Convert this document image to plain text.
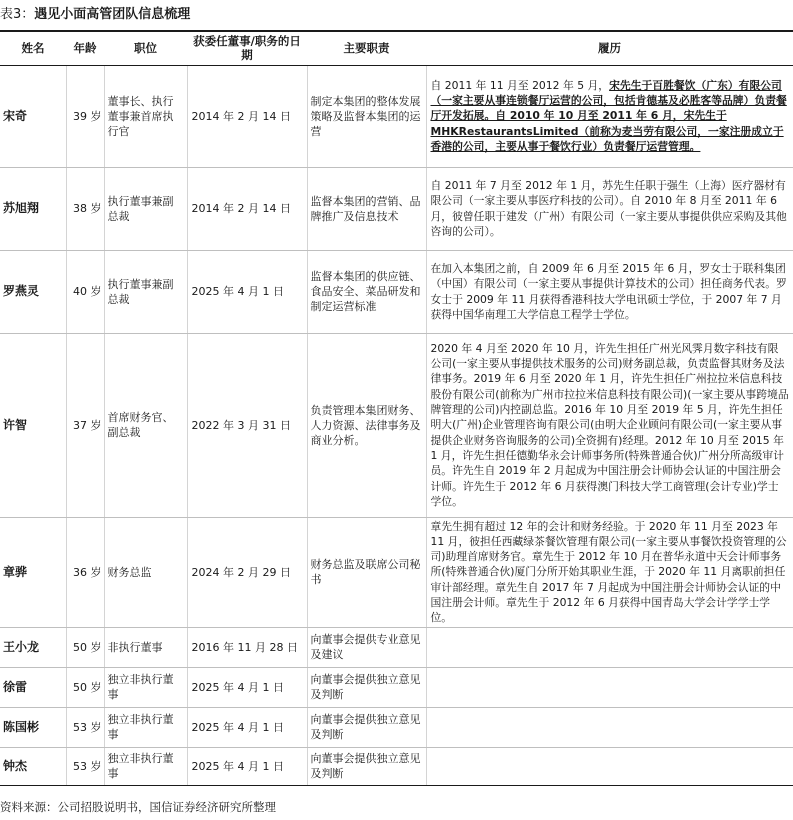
表3：遇见小面高管团队信息梳理
姓名	年龄	职位	获委任董事/职务的日期	主要职责	履历
宋奇	39 岁	董事长、执行董事兼首席执行官	2014 年 2 月 14 日	制定本集团的整体发展策略及监督本集团的运营	自 2011 年 11 月至 2012 年 5 月，宋先生于百胜餐饮（广东）有限公司（一家主要从事连锁餐厅运营的公司，包括肯德基及必胜客等品牌）负责餐厅开发拓展。自 2010 年 10 月至 2011 年 6 月，宋先生于 MHKRestaurantsLimited（前称为麦当劳有限公司，一家注册成立于香港的公司，主要从事于餐饮行业）负责餐厅运营管理。
苏旭翔	38 岁	执行董事兼副总裁	2014 年 2 月 14 日	监督本集团的营销、品牌推广及信息技术	自 2011 年 7 月至 2012 年 1 月，苏先生任职于强生（上海）医疗器材有限公司（一家主要从事医疗科技的公司）。自 2010 年 8 月至 2011 年 6 月，彼曾任职于建发（广州）有限公司（一家主要从事提供供应采购及其他咨询的公司）。
罗燕灵	40 岁	执行董事兼副总裁	2025 年 4 月 1 日	监督本集团的供应链、食品安全、菜品研发和制定运营标准	在加入本集团之前，自 2009 年 6 月至 2015 年 6 月，罗女士于联科集团（中国）有限公司（一家主要从事提供计算技术的公司）担任商务代表。罗女士于 2009 年 11 月获得香港科技大学电讯硕士学位，于 2007 年 7 月获得中国华南理工大学信息工程学士学位。
许智	37 岁	首席财务官、副总裁	2022 年 3 月 31 日	负责管理本集团财务、人力资源、法律事务及商业分析。	2020 年 4 月至 2020 年 10 月，许先生担任广州光风霁月数字科技有限公司(一家主要从事提供技术服务的公司)财务副总裁，负责监督其财务及法律事务。2019 年 6 月至 2020 年 1 月，许先生担任广州拉拉米信息科技股份有限公司(前称为广州市拉拉米信息科技有限公司)(一家主要从事跨境品牌管理的公司)内控副总监。2016 年 10 月至 2019 年 5 月，许先生担任明大(广州)企业管理咨询有限公司(由明大企业顾问有限公司(一家主要从事提供企业财务咨询服务的公司)全资拥有)经理。2012 年 10 月至 2015 年 1 月，许先生担任德勤华永会计师事务所(特殊普通合伙)广州分所高级审计员。许先生自 2019 年 2 月起成为中国注册会计师协会认证的中国注册会计师。许先生于 2012 年 6 月获得澳门科技大学工商管理(会计专业)学士学位。
章骅	36 岁	财务总监	2024 年 2 月 29 日	财务总监及联席公司秘书	章先生拥有超过 12 年的会计和财务经验。于 2020 年 11 月至 2023 年 11 月，彼担任西藏绿茶餐饮管理有限公司(一家主要从事餐饮投资管理的公司)助理首席财务官。章先生于 2012 年 10 月在普华永道中天会计师事务所(特殊普通合伙)厦门分所开始其职业生涯，于 2020 年 11 月离职前担任审计部经理。章先生自 2017 年 7 月起成为中国注册会计师协会认证的中国注册会计师。章先生于 2012 年 6 月获得中国青岛大学会计学学士学位。
王小龙	50 岁	非执行董事	2016 年 11 月 28 日	向董事会提供专业意见及建议	
徐雷	50 岁	独立非执行董事	2025 年 4 月 1 日	向董事会提供独立意见及判断	
陈国彬	53 岁	独立非执行董事	2025 年 4 月 1 日	向董事会提供独立意见及判断	
钟杰	53 岁	独立非执行董事	2025 年 4 月 1 日	向董事会提供独立意见及判断	
资料来源：公司招股说明书，国信证券经济研究所整理
